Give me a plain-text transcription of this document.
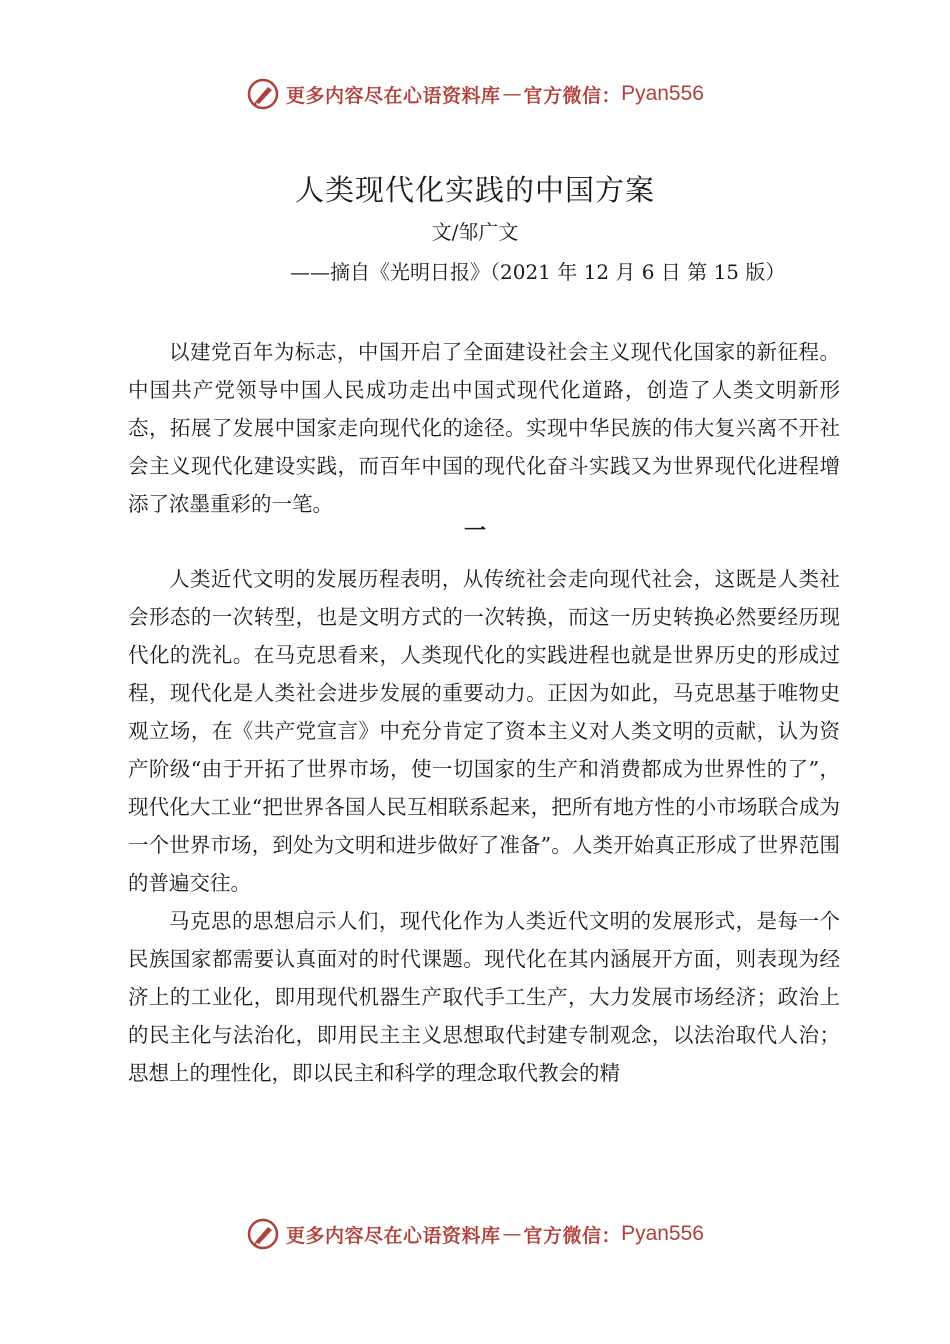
更多内容尽在心语资料库 — 官方微信： Pyan556
人类现代化实践的中国方案
文/邹广文
——摘自《光明日报》（2021 年 12 月 6 日 第 15 版）

以建党百年为标志，中国开启了全面建设社会主义现代化国家的新征程。中国共产党领导中国人民成功走出中国式现代化道路，创造了人类文明新形态，拓展了发展中国家走向现代化的途径。实现中华民族的伟大复兴离不开社会主义现代化建设实践，而百年中国的现代化奋斗实践又为世界现代化进程增添了浓墨重彩的一笔。

一

人类近代文明的发展历程表明，从传统社会走向现代社会，这既是人类社会形态的一次转型，也是文明方式的一次转换，而这一历史转换必然要经历现代化的洗礼。在马克思看来，人类现代化的实践进程也就是世界历史的形成过程，现代化是人类社会进步发展的重要动力。正因为如此，马克思基于唯物史观立场，在《共产党宣言》中充分肯定了资本主义对人类文明的贡献，认为资产阶级“由于开拓了世界市场，使一切国家的生产和消费都成为世界性的了”，现代化大工业“把世界各国人民互相联系起来，把所有地方性的小市场联合成为一个世界市场，到处为文明和进步做好了准备”。人类开始真正形成了世界范围的普遍交往。

马克思的思想启示人们，现代化作为人类近代文明的发展形式，是每一个民族国家都需要认真面对的时代课题。现代化在其内涵展开方面，则表现为经济上的工业化，即用现代机器生产取代手工生产，大力发展市场经济；政治上的民主化与法治化，即用民主主义思想取代封建专制观念，以法治取代人治；思想上的理性化，即以民主和科学的理念取代教会的精

更多内容尽在心语资料库 — 官方微信： Pyan556
